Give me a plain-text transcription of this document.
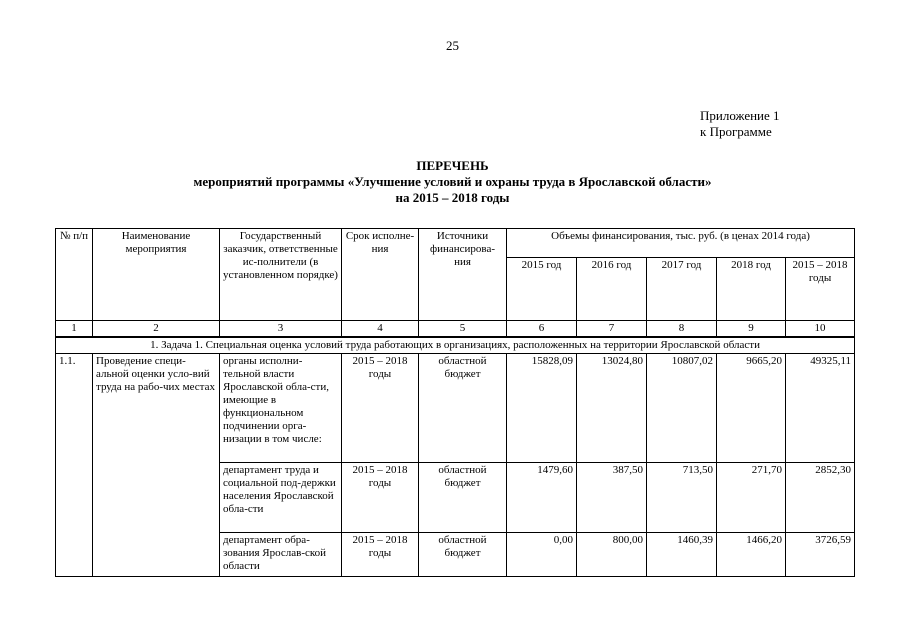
25
Приложение 1
к Программе
ПЕРЕЧЕНЬ
мероприятий программы «Улучшение условий и охраны труда в Ярославской области»
на 2015 – 2018 годы
№ п/п	Наименование мероприятия	Государственный заказчик, ответственные ис-полнители (в установленном порядке)	Срок исполне-ния	Источники финансирова-ния	Объемы финансирования, тыс. руб. (в ценах 2014 года)				
					2015 год	2016 год	2017 год	2018 год	2015 – 2018 годы
1	2	3	4	5	6	7	8	9	10
1. Задача 1. Специальная оценка условий труда работающих в организациях, расположенных на территории Ярославской области									
1.1.	Проведение специ-альной оценки усло-вий труда на рабо-чих местах	органы исполни-тельной власти Ярославской обла-сти, имеющие в функциональном подчинении орга-низации в том числе:	2015 – 2018 годы	областной бюджет	15828,09	13024,80	10807,02	9665,20	49325,11
		департамент труда и социальной под-держки населения Ярославской обла-сти	2015 – 2018 годы	областной бюджет	1479,60	387,50	713,50	271,70	2852,30
		департамент обра-зования Ярослав-ской области	2015 – 2018 годы	областной бюджет	0,00	800,00	1460,39	1466,20	3726,59
